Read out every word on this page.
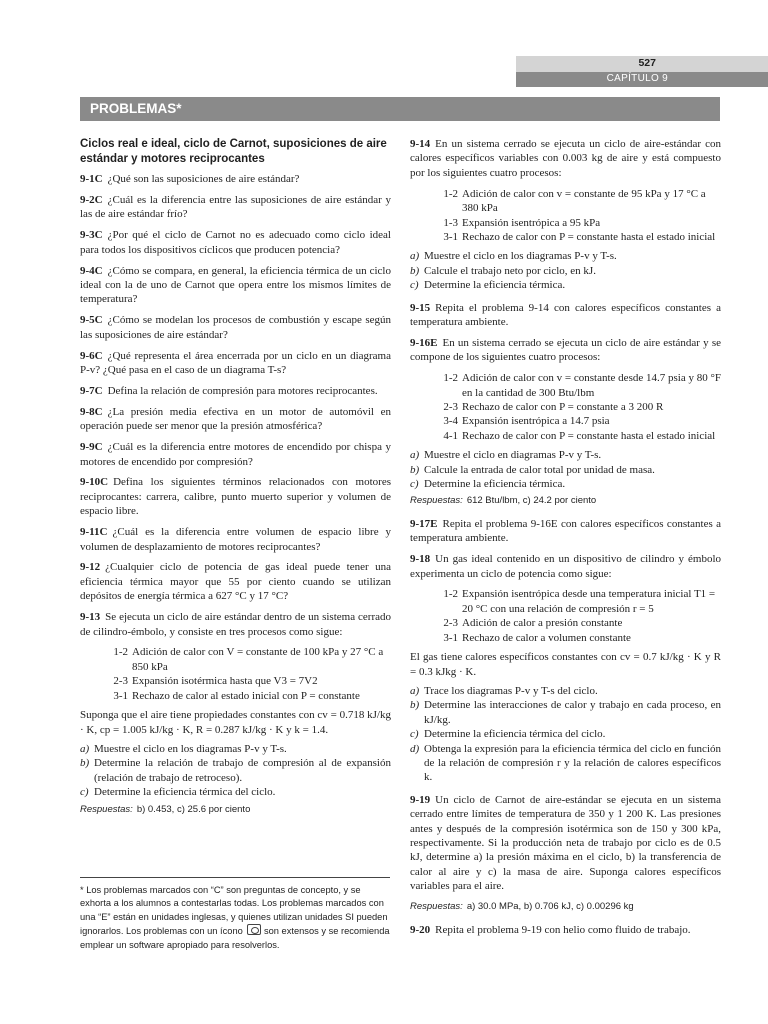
527
CAPÍTULO 9
PROBLEMAS*
Ciclos real e ideal, ciclo de Carnot, suposiciones de aire estándar y motores reciprocantes
9-1C ¿Qué son las suposiciones de aire estándar?
9-2C ¿Cuál es la diferencia entre las suposiciones de aire estándar y las de aire estándar frío?
9-3C ¿Por qué el ciclo de Carnot no es adecuado como ciclo ideal para todos los dispositivos cíclicos que producen potencia?
9-4C ¿Cómo se compara, en general, la eficiencia térmica de un ciclo ideal con la de uno de Carnot que opera entre los mismos límites de temperatura?
9-5C ¿Cómo se modelan los procesos de combustión y escape según las suposiciones de aire estándar?
9-6C ¿Qué representa el área encerrada por un ciclo en un diagrama P-v? ¿Qué pasa en el caso de un diagrama T-s?
9-7C Defina la relación de compresión para motores reciprocantes.
9-8C ¿La presión media efectiva en un motor de automóvil en operación puede ser menor que la presión atmosférica?
9-9C ¿Cuál es la diferencia entre motores de encendido por chispa y motores de encendido por compresión?
9-10C Defina los siguientes términos relacionados con motores reciprocantes: carrera, calibre, punto muerto superior y volumen de espacio libre.
9-11C ¿Cuál es la diferencia entre volumen de espacio libre y volumen de desplazamiento de motores reciprocantes?
9-12 ¿Cualquier ciclo de potencia de gas ideal puede tener una eficiencia térmica mayor que 55 por ciento cuando se utilizan depósitos de energía térmica a 627 °C y 17 °C?
9-13 Se ejecuta un ciclo de aire estándar dentro de un sistema cerrado de cilindro-émbolo, y consiste en tres procesos como sigue:
1-2 Adición de calor con V = constante de 100 kPa y 27 °C a 850 kPa
2-3 Expansión isotérmica hasta que V3 = 7V2
3-1 Rechazo de calor al estado inicial con P = constante
Suponga que el aire tiene propiedades constantes con cv = 0.718 kJ/kg · K, cp = 1.005 kJ/kg · K, R = 0.287 kJ/kg · K y k = 1.4.
a) Muestre el ciclo en los diagramas P-v y T-s.
b) Determine la relación de trabajo de compresión al de expansión (relación de trabajo de retroceso).
c) Determine la eficiencia térmica del ciclo.
Respuestas: b) 0.453, c) 25.6 por ciento
* Los problemas marcados con “C” son preguntas de concepto, y se exhorta a los alumnos a contestarlas todas. Los problemas marcados con una “E” están en unidades inglesas, y quienes utilizan unidades SI pueden ignorarlos. Los problemas con un ícono son extensos y se recomienda emplear un software apropiado para resolverlos.
9-14 En un sistema cerrado se ejecuta un ciclo de aire-estándar con calores específicos variables con 0.003 kg de aire y está compuesto por los siguientes cuatro procesos:
1-2 Adición de calor con v = constante de 95 kPa y 17 °C a 380 kPa
1-3 Expansión isentrópica a 95 kPa
3-1 Rechazo de calor con P = constante hasta el estado inicial
a) Muestre el ciclo en los diagramas P-v y T-s.
b) Calcule el trabajo neto por ciclo, en kJ.
c) Determine la eficiencia térmica.
9-15 Repita el problema 9-14 con calores específicos constantes a temperatura ambiente.
9-16E En un sistema cerrado se ejecuta un ciclo de aire estándar y se compone de los siguientes cuatro procesos:
1-2 Adición de calor con v = constante desde 14.7 psia y 80 °F en la cantidad de 300 Btu/lbm
2-3 Rechazo de calor con P = constante a 3 200 R
3-4 Expansión isentrópica a 14.7 psia
4-1 Rechazo de calor con P = constante hasta el estado inicial
a) Muestre el ciclo en diagramas P-v y T-s.
b) Calcule la entrada de calor total por unidad de masa.
c) Determine la eficiencia térmica.
Respuestas: 612 Btu/lbm, c) 24.2 por ciento
9-17E Repita el problema 9-16E con calores específicos constantes a temperatura ambiente.
9-18 Un gas ideal contenido en un dispositivo de cilindro y émbolo experimenta un ciclo de potencia como sigue:
1-2 Expansión isentrópica desde una temperatura inicial T1 = 20 °C con una relación de compresión r = 5
2-3 Adición de calor a presión constante
3-1 Rechazo de calor a volumen constante
El gas tiene calores específicos constantes con cv = 0.7 kJ/kg · K y R = 0.3 kJkg · K.
a) Trace los diagramas P-v y T-s del ciclo.
b) Determine las interacciones de calor y trabajo en cada proceso, en kJ/kg.
c) Determine la eficiencia térmica del ciclo.
d) Obtenga la expresión para la eficiencia térmica del ciclo en función de la relación de compresión r y la relación de calores específicos k.
9-19 Un ciclo de Carnot de aire-estándar se ejecuta en un sistema cerrado entre límites de temperatura de 350 y 1 200 K. Las presiones antes y después de la compresión isotérmica son de 150 y 300 kPa, respectivamente. Si la producción neta de trabajo por ciclo es de 0.5 kJ, determine a) la presión máxima en el ciclo, b) la transferencia de calor al aire y c) la masa de aire. Suponga calores específicos variables para el aire.
Respuestas: a) 30.0 MPa, b) 0.706 kJ, c) 0.00296 kg
9-20 Repita el problema 9-19 con helio como fluido de trabajo.
